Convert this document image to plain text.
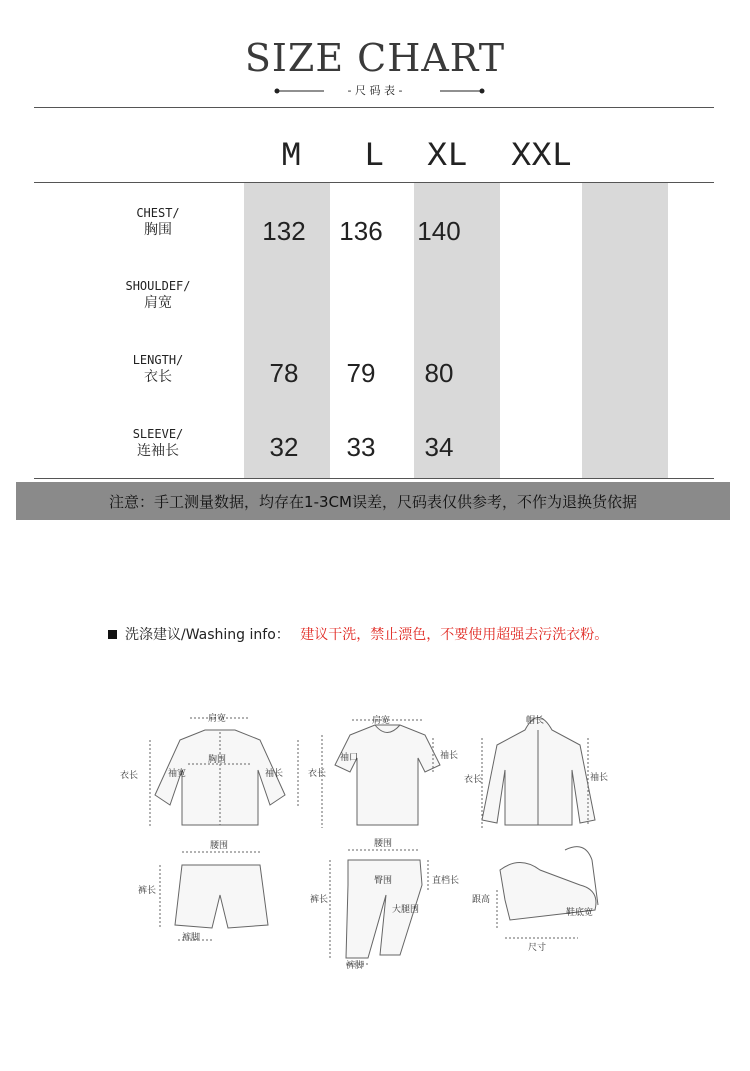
SIZE CHART
- 尺 码 表 -
M L XL XXL
CHEST/
胸围	132	136	140
SHOULDEF/
肩宽
LENGTH/
衣长	78	79	80
SLEEVE/
连袖长	32	33	34
注意：手工测量数据，均存在1-3CM误差，尺码表仅供参考，不作为退换货依据
洗涤建议/Washing info： 建议干洗，禁止漂色，不要使用超强去污洗衣粉。
肩宽
胸围
衣长	袖宽	袖长
肩宽
袖口
衣长
袖长
帽长
衣长	袖长
腰围
裤长
裤脚
腰围
臀围	直档长
裤长
大腿围
裤脚
跟高
鞋底宽
尺寸
